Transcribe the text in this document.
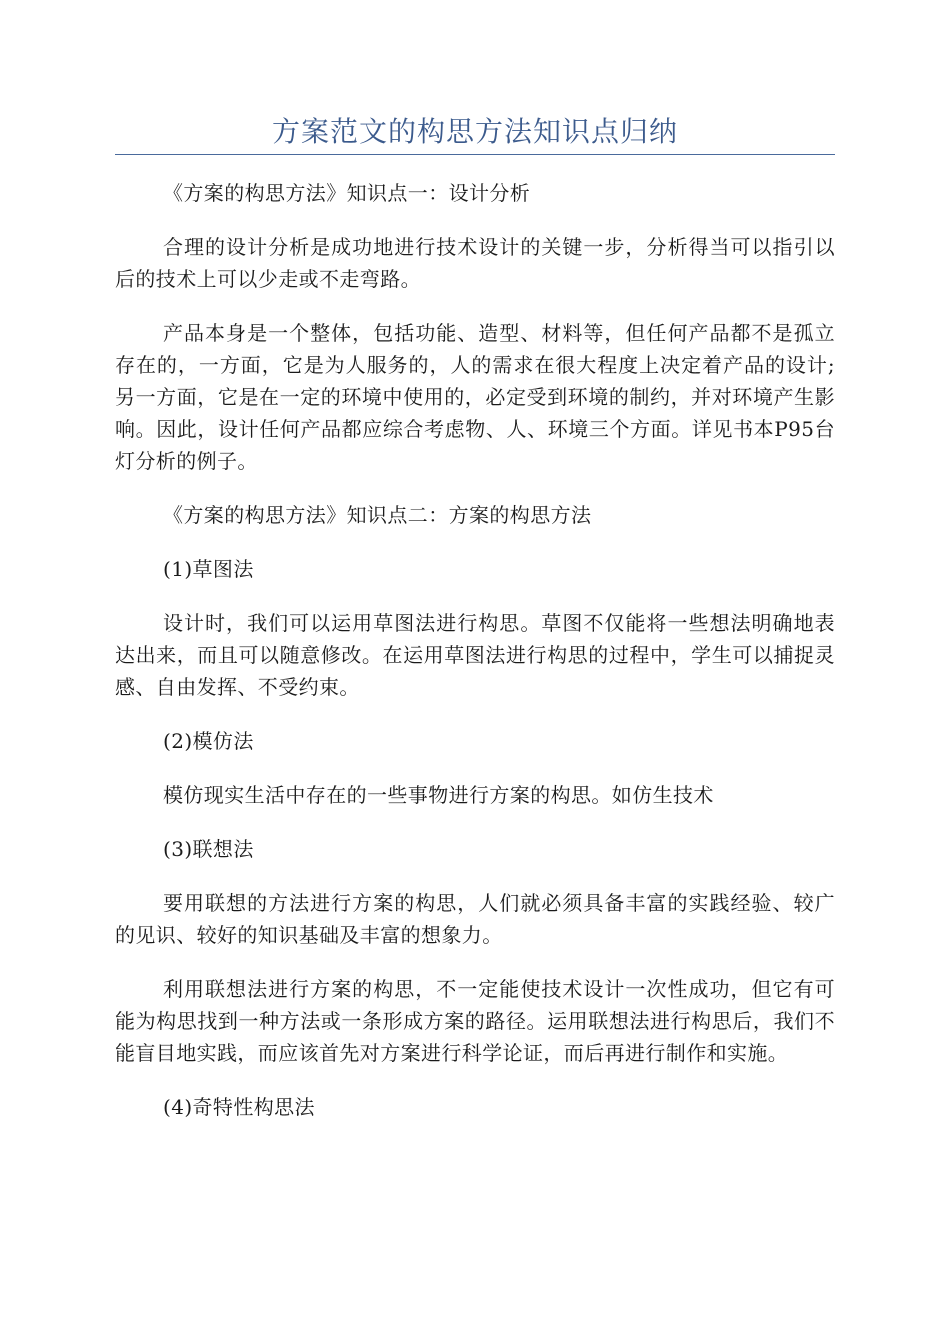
方案范文的构思方法知识点归纳

《方案的构思方法》知识点一：设计分析

合理的设计分析是成功地进行技术设计的关键一步，分析得当可以指引以后的技术上可以少走或不走弯路。

产品本身是一个整体，包括功能、造型、材料等，但任何产品都不是孤立存在的，一方面，它是为人服务的，人的需求在很大程度上决定着产品的设计;另一方面，它是在一定的环境中使用的，必定受到环境的制约，并对环境产生影响。因此，设计任何产品都应综合考虑物、人、环境三个方面。详见书本P95台灯分析的例子。

《方案的构思方法》知识点二：方案的构思方法

(1)草图法

设计时，我们可以运用草图法进行构思。草图不仅能将一些想法明确地表达出来，而且可以随意修改。在运用草图法进行构思的过程中，学生可以捕捉灵感、自由发挥、不受约束。

(2)模仿法

模仿现实生活中存在的一些事物进行方案的构思。如仿生技术

(3)联想法

要用联想的方法进行方案的构思，人们就必须具备丰富的实践经验、较广的见识、较好的知识基础及丰富的想象力。

利用联想法进行方案的构思，不一定能使技术设计一次性成功，但它有可能为构思找到一种方法或一条形成方案的路径。运用联想法进行构思后，我们不能盲目地实践，而应该首先对方案进行科学论证，而后再进行制作和实施。

(4)奇特性构思法
